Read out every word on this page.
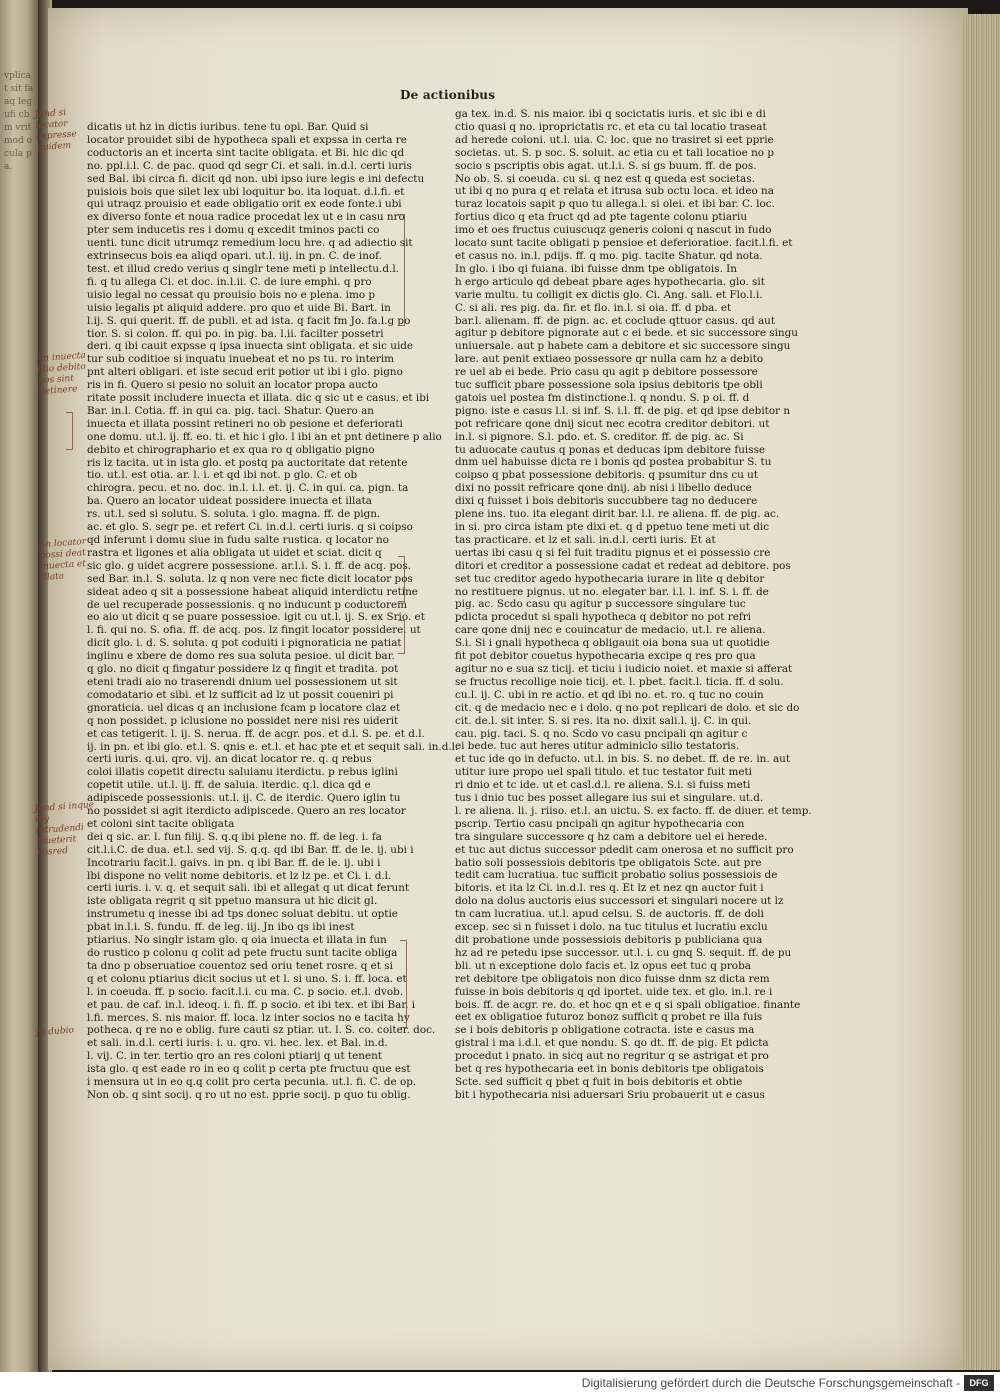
vplicat sit fa aq leg ufi cbm vrit mod ocula pa.
De actionibus
dicatis ut hz in dictis iuribus. tene tu opi. Bar. Quid si
locator prouidet sibi de hypotheca spali et expssa in certa re
coductoris an et incerta sint tacite obligata. et Bi. hic dic qd
no. ppl.i.l. C. de pac. quod qd segr Ci. et sali. in.d.l. certi iuris
sed Bal. ibi circa fi. dicit qd non. ubi ipso iure legis e ini defectu
puisiois bois que silet lex ubi loquitur bo. ita loquat. d.l.fi. et
qui utraqz prouisio et eade obligatio orit ex eode fonte.i ubi
ex diverso fonte et noua radice procedat lex ut e in casu nro
pter sem inducetis res i domu q excedit tminos pacti co
uenti. tunc dicit utrumqz remedium locu hre. q ad adiectio sit
extrinsecus bois ea aliqd opari. ut.l. iij. in pn. C. de inof.
test. et illud credo verius q singlr tene meti p intellectu.d.l.
fi. q tu allega Ci. et doc. in.l.ii. C. de iure emphi. q pro
uisio legal no cessat qu prouisio bois no e plena. imo p
uisio legalis pt aliquid addere. pro quo et uide Bi. Bart. in
l.ij. S. qui querit. ff. de publi. et ad ista. q facit fm Jo. fa.l.g po
tior. S. si colon. ff. qui po. in pig. ba. l.ii. facilter possetri
deri. q ibi cauit expsse q ipsa inuecta sint obligata. et sic uide
tur sub coditioe si inquatu inuebeat et no ps tu. ro interim
pnt alteri obligari. et iste secud erit potior ut ibi i glo. pigno
ris in fi. Quero si pesio no soluit an locator propa aucto
ritate possit includere inuecta et illata. dic q sic ut e casus. et ibi
Bar. in.l. Cotia. ff. in qui ca. pig. taci. Shatur. Quero an
inuecta et illata possint retineri no ob pesione et deferiorati
one domu. ut.l. ij. ff. eo. ti. et hic i glo. l ibi an et pnt detinere p alio
debito et chirographario et ex qua ro q obligatio pigno
ris lz tacita. ut in ista glo. et postq pa auctoritate dat retente
tio. ut.l. est otia. ar. l. i. et qd ibi not. p glo. C. et ob
chirogra. pecu. et no. doc. in.l. i.l. et. ij. C. in qui. ca. pign. ta
ba. Quero an locator uideat possidere inuecta et illata
rs. ut.l. sed si solutu. S. soluta. i glo. magna. ff. de pign.
ac. et glo. S. segr pe. et refert Ci. in.d.l. certi iuris. q si coipso
qd inferunt i domu siue in fudu salte rustica. q locator no
rastra et ligones et alia obligata ut uidet et sciat. dicit q
sic glo. g uidet acgrere possessione. ar.l.i. S. i. ff. de acq. pos.
sed Bar. in.l. S. soluta. lz q non vere nec ficte dicit locator pos
sideat adeo q sit a possessione habeat aliquid interdictu retine
de uel recuperade possessionis. q no inducunt p coductorem
eo aio ut dicit q se puare possessioe. igit cu ut.l. ij. S. ex Srio. et
l. fi. qui no. S. ofia. ff. de acq. pos. lz fingit locator possidere. ut
dicit glo. i. d. S. soluta. q pot coduiti i pignoraticia ne patiat
inglinu e xbere de domo res sua soluta pesioe. ul dicit bar.
q glo. no dicit q fingatur possidere lz q fingit et tradita. pot
eteni tradi aio no traserendi dnium uel possessionem ut sit
comodatario et sibi. et lz sufficit ad lz ut possit coueniri pi
gnoraticia. uel dicas q an inclusione fcam p locatore claz et
q non possidet. p iclusione no possidet nere nisi res uiderit
et cas tetigerit. l. ij. S. nerua. ff. de acgr. pos. et d.l. S. pe. et d.l.
ij. in pn. et ibi glo. et.l. S. qnis e. et.l. et hac pte et et sequit sali. in.d.l.
certi iuris. q.ui. qro. vij. an dicat locator re. q. q rebus
coloi illatis copetit directu saluianu iterdictu. p rebus iglini
copetit utile. ut.l. ij. ff. de saluia. iterdic. q.l. dica qd e
adipiscede possessionis. ut.l. ij. C. de iterdic. Quero iglin tu
no possidet si agit iterdicto adipiscede. Quero an res locator
et coloni sint tacite obligata
dei q sic. ar. l. fun filij. S. q.q ibi plene no. ff. de leg. i. fa
cit.l.i.C. de dua. et.l. sed vij. S. q.q. qd ibi Bar. ff. de le. ij. ubi i
Incotrariu facit.l. gaivs. in pn. q ibi Bar. ff. de le. ij. ubi i
lbi dispone no velit nome debitoris. et lz lz pe. et Ci. i. d.l.
certi iuris. i. v. q. et sequit sali. ibi et allegat q ut dicat ferunt
iste obligata regrit q sit ppetuo mansura ut hic dicit gl.
instrumetu q inesse ibi ad tps donec soluat debitu. ut optie
pbat in.l.i. S. fundu. ff. de leg. iij. Jn ibo qs ibi inest
ptiarius. No singlr istam glo. q oia inuecta et illata in fun
do rustico p colonu q colit ad pete fructu sunt tacite obliga
ta dno p obseruatioe couentoz sed oriu tenet rosre. q et si
q et colonu ptiarius dicit socius ut et l. si uno. S. i. ff. loca. et
l. in coeuda. ff. p socio. facit.l.i. cu ma. C. p socio. et.l. dvob.
et pau. de caf. in.l. ideoq. i. fi. ff. p socio. et ibi tex. et ibi Bar. i
l.fi. merces. S. nis maior. ff. loca. lz inter socios no e tacita hy
potheca. q re no e oblig. fure cauti sz ptiar. ut. l. S. co. coiter. doc.
et sali. in.d.l. certi iuris. i. u. qro. vi. hec. lex. et Bal. in.d.
l. vij. C. in ter. tertio qro an res coloni ptiarij q ut tenent
ista glo. q est eade ro in eo q colit p certa pte fructuu que est
i mensura ut in eo q.q colit pro certa pecunia. ut.l. fi. C. de op.
Non ob. q sint socij. q ro ut no est. pprie socij. p quo tu oblig.
ga tex. in.d. S. nis maior. ibi q socictatis iuris. et sic ibi e di
ctio quasi q no. iproprictatis rc. et eta cu tal locatio traseat
ad herede coloni. ut.l. uia. C. loc. que no trasiret si eet pprie
societas. ut. S. p soc. S. soluit. ac etia cu et tali locatioe no p
socio s pscriptis obis agat. ut.l.i. S. si gs buum. ff. de pos.
No ob. S. si coeuda. cu si. q nez est q queda est societas.
ut ibi q no pura q et relata et itrusa sub octu loca. et ideo na
turaz locatois sapit p quo tu allega.l. si olei. et ibi bar. C. loc.
fortius dico q eta fruct qd ad pte tagente colonu ptiariu
imo et oes fructus cuiuscuqz generis coloni q nascut in fudo
locato sunt tacite obligati p pensioe et deferioratioe. facit.l.fi. et
et casus no. in.l. pdijs. ff. q mo. pig. tacite Shatur. qd nota.
In glo. i ibo qi fuiana. ibi fuisse dnm tpe obligatois. In
h ergo articulo qd debeat pbare ages hypothecaria. glo. sit
varie multu. tu colligit ex dictis glo. Ci. Ang. sali. et Flo.l.i.
C. si ali. res pig. da. fir. et flo. in.l. si oia. ff. d pba. et
bar.l. alienam. ff. de pign. ac. et coclude qttuor casus. qd aut
agitur p debitore pignorate aut c ei bede. et sic successore singu
uniuersale. aut p habete cam a debitore et sic successore singu
lare. aut penit extiaeo possessore qr nulla cam hz a debito
re uel ab ei bede. Prio casu qu agit p debitore possessore
tuc sufficit pbare possessione sola ipsius debitoris tpe obli
gatois uel postea fm distinctione.l. q nondu. S. p oi. ff. d
pigno. iste e casus l.l. si inf. S. i.l. ff. de pig. et qd ipse debitor n
pot refricare qone dnij sicut nec ecotra creditor debitori. ut
in.l. si pignore. S.l. pdo. et. S. creditor. ff. de pig. ac. Si
tu aduocate cautus q ponas et deducas ipm debitore fuisse
dnm uel habuisse dicta re i bonis qd postea probabitur S. tu
coipso q pbat possessione debitoris. q psumitur dns cu ut
dixi no possit refricare qone dnij. ab nisi i libello deduce
dixi q fuisset i bois debitoris succubbere tag no deducere
plene ins. tuo. ita elegant dirit bar. l.l. re aliena. ff. de pig. ac.
in si. pro circa istam pte dixi et. q d ppetuo tene meti ut dic
tas practicare. et lz et sali. in.d.l. certi iuris. Et at
uertas ibi casu q si fel fuit traditu pignus et ei possessio cre
ditori et creditor a possessione cadat et redeat ad debitore. pos
set tuc creditor agedo hypothecaria iurare in lite q debitor
no restituere pignus. ut no. elegater bar. i.l. l. inf. S. i. ff. de
pig. ac. Scdo casu qu agitur p successore singulare tuc
pdicta procedut si spali hypotheca q debitor no pot refri
care qone dnij nec e couincatur de medacio. ut.l. re aliena.
S.i. Si i gnali hypotheca q obligauit oia bona sua ut quotidie
fit pot debitor couetus hypothecaria excipe q res pro qua
agitur no e sua sz ticij. et ticiu i iudicio noiet. et maxie si afferat
se fructus recollige noie ticij. et. l. pbet. facit.l. ticia. ff. d solu.
cu.l. ij. C. ubi in re actio. et qd ibi no. et. ro. q tuc no couin
cit. q de medacio nec e i dolo. q no pot replicari de dolo. et sic do
cit. de.l. sit inter. S. si res. ita no. dixit sali.l. ij. C. in qui.
cau. pig. taci. S. q no. Scdo vo casu pncipali qn agitur c
ei bede. tuc aut heres utitur adminiclo silio testatoris.
et tuc ide qo in defucto. ut.l. in bis. S. no debet. ff. de re. in. aut
utitur iure propo uel spali titulo. et tuc testator fuit meti
ri dnio et tc ide. ut et casl.d.l. re aliena. S.i. si fuiss meti
tus i dnio tuc bes posset allegare ius sui et singulare. ut.d.
l. re aliena. li. j. riiso. et.l. an uictu. S. ex facto. ff. de diuer. et temp.
pscrip. Tertio casu pncipali qn agitur hypothecaria con
tra singulare successore q hz cam a debitore uel ei herede.
et tuc aut dictus successor pdedit cam onerosa et no sufficit pro
batio soli possessiois debitoris tpe obligatois Scte. aut pre
tedit cam lucratiua. tuc sufficit probatio solius possessiois de
bitoris. et ita lz Ci. in.d.l. res q. Et lz et nez qn auctor fuit i
dolo na dolus auctoris eius successori et singulari nocere ut lz
tn cam lucratiua. ut.l. apud celsu. S. de auctoris. ff. de doli
excep. sec si n fuisset i dolo. na tuc titulus et lucratiu exclu
dit probatione unde possessiois debitoris p publiciana qua
hz ad re petedu ipse successor. ut.l. i. cu gnq S. sequit. ff. de pu
bli. ut n exceptione dolo facis et. lz opus eet tuc q proba
ret debitore tpe obligatois non dico fuisse dnm sz dicta rem
fuisse in bois debitoris q qd iportet. uide tex. et glo. in.l. re i
bois. ff. de acgr. re. do. et hoc qn et e q si spali obligatioe. finante
eet ex obligatioe futuroz bonoz sufficit q probet re illa fuis
se i bois debitoris p obligatione cotracta. iste e casus ma
gistral i ma i.d.l. et que nondu. S. qo dt. ff. de pig. Et pdicta
procedut i pnato. in sicq aut no regritur q se astrigat et pro
bet q res hypothecaria eet in bonis debitoris tpe obligatois
Scte. sed sufficit q pbet q fuit in bois debitoris et obtie
bit i hypothecaria nisi aduersari Sriu probauerit ut e casus
Jund si locator expresse guidem
An inuecta alio debito pos sint detinere
An locator possi deat inuecta et illata
Jund si inque iny intrudendi inueterit cosred
Jn dubio
Digitalisierung gefördert durch die Deutsche Forschungsgemeinschaft -	DFG
